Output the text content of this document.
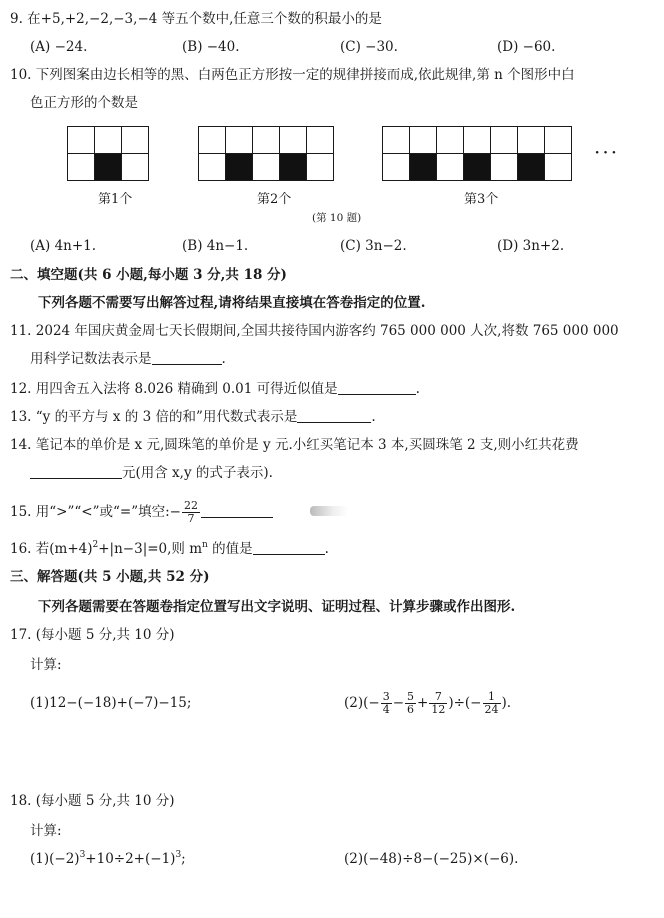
9. 在+5,+2,−2,−3,−4 等五个数中,任意三个数的积最小的是
(A) −24.	(B) −40.	(C) −30.	(D) −60.
10. 下列图案由边长相等的黑、白两色正方形按一定的规律拼接而成,依此规律,第 n 个图形中白
色正方形的个数是
第1个	第2个	第3个
···
(第 10 题)
(A) 4n+1.	(B) 4n−1.	(C) 3n−2.	(D) 3n+2.
二、填空题(共 6 小题,每小题 3 分,共 18 分)
下列各题不需要写出解答过程,请将结果直接填在答卷指定的位置.
11. 2024 年国庆黄金周七天长假期间,全国共接待国内游客约 765 000 000 人次,将数 765 000 000
用科学记数法表示是	.
12. 用四舍五入法将 8.026 精确到 0.01 可得近似值是	.
13. “y 的平方与 x 的 3 倍的和”用代数式表示是	.
14. 笔记本的单价是 x 元,圆珠笔的单价是 y 元.小红买笔记本 3 本,买圆珠笔 2 支,则小红共花费
元(用含 x,y 的式子表示).
15. 用“>”“<”或“=”填空:− $\frac{22}{7}$
16. 若$(m+4)^2+|n-3|=0$,则 $m^n$ 的值是	.
三、解答题(共 5 小题,共 52 分)
下列各题需要在答题卷指定位置写出文字说明、证明过程、计算步骤或作出图形.
17. (每小题 5 分,共 10 分)
计算:
(1)12−(−18)+(−7)−15;	$(2)(- \frac{3}{4} - \frac{5}{6} + \frac{7}{12}$ )÷(− $\frac{1}{24}$ ).
18. (每小题 5 分,共 10 分)
计算:
$(1)(-2)^3+10\div 2+(-1)^3$;	(2)(−48)÷8−(−25)×(−6).
